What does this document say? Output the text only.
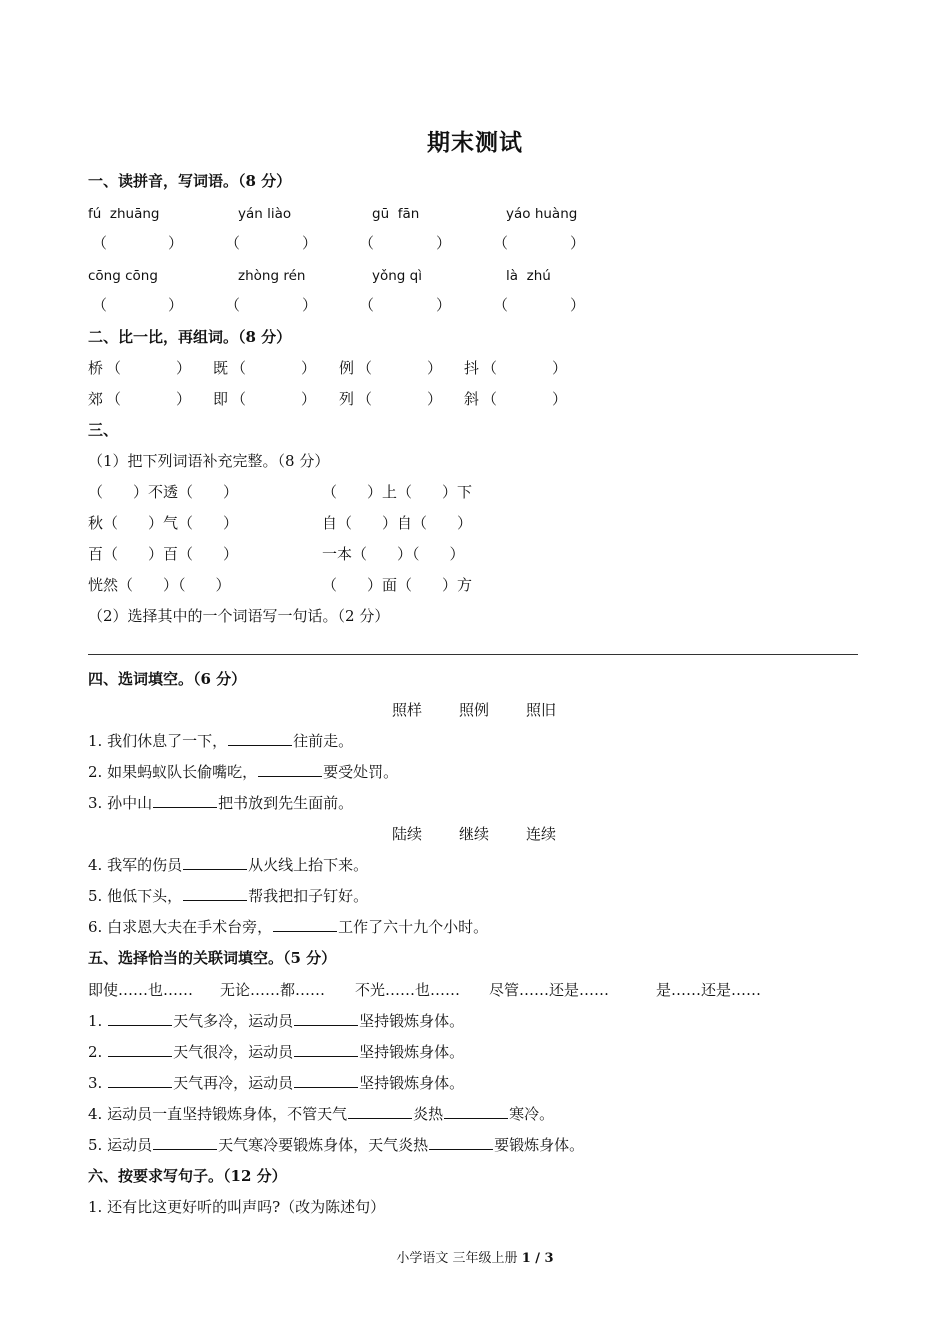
期末测试
一、读拼音，写词语。（8 分）
fú  zhuāng	yán liào	gū  fān	yáo huàng
（	）	（	）	（	）	（	）
cōng cōng	zhòng rén	yǒng qì	là  zhú
（	）	（	）	（	）	（	）
二、比一比，再组词。（8 分）
桥 （	） 既 （	） 例 （	） 抖 （	）
郊 （	） 即 （	） 列 （	） 斜 （	）
三、
（1）把下列词语补充完整。（8 分）
（　　）不透（　　）	（　　）上（　　）下
秋（　　）气（　　）	自（　　）自（　　）
百（　　）百（　　）	一本（　　）（　　）
恍然（　　）（　　）	（　　）面（　　）方
（2）选择其中的一个词语写一句话。（2 分）
四、选词填空。（6 分）
照样 照例 照旧
1. 我们休息了一下，	往前走。
2. 如果蚂蚁队长偷嘴吃，	要受处罚。
3. 孙中山	把书放到先生面前。
陆续 继续 连续
4. 我军的伤员	从火线上抬下来。
5. 他低下头，	帮我把扣子钉好。
6. 白求恩大夫在手术台旁，	工作了六十九个小时。
五、选择恰当的关联词填空。（5 分）
即使……也…… 无论……都…… 不光……也…… 尽管……还是……	是……还是……
1.	天气多冷，运动员	坚持锻炼身体。
2.	天气很冷，运动员	坚持锻炼身体。
3.	天气再冷，运动员	坚持锻炼身体。
4. 运动员一直坚持锻炼身体，不管天气	炎热	寒冷。
5. 运动员	天气寒冷要锻炼身体，天气炎热	要锻炼身体。
六、按要求写句子。（12 分）
1. 还有比这更好听的叫声吗?（改为陈述句）
小学语文 三年级上册 1 / 3
